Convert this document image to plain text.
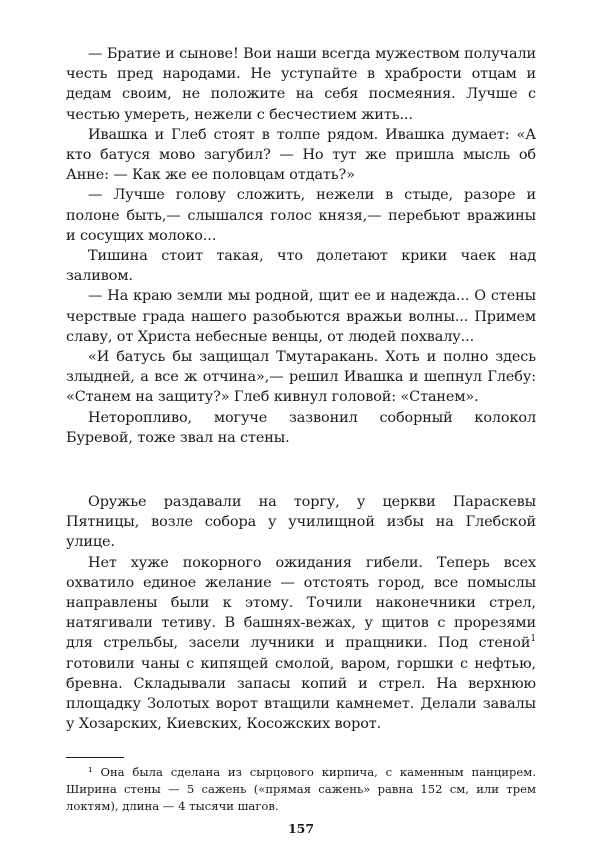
— Братие и сынове! Вои наши всегда мужеством получали честь пред народами. Не уступайте в храбрости отцам и дедам своим, не положите на себя посмеяния. Лучше с честью умереть, нежели с бесчестием жить...

Ивашка и Глеб стоят в толпе рядом. Ивашка думает: «А кто батуся мово загубил? — Но тут же пришла мысль об Анне: — Как же ее половцам отдать?»

— Лучше голову сложить, нежели в стыде, разоре и полоне быть,— слышался голос князя,— перебьют вражины и сосущих молоко...

Тишина стоит такая, что долетают крики чаек над заливом.

— На краю земли мы родной, щит ее и надежда... О стены черствые града нашего разобьются вражьи волны... Примем славу, от Христа небесные венцы, от людей похвалу...

«И батусь бы защищал Тмутаракань. Хоть и полно здесь злыдней, а все ж отчина»,— решил Ивашка и шепнул Глебу: «Станем на защиту?» Глеб кивнул головой: «Станем».

Неторопливо, могуче зазвонил соборный колокол Буревой, тоже звал на стены.

Оружье раздавали на торгу, у церкви Параскевы Пятницы, возле собора у училищной избы на Глебской улице.

Нет хуже покорного ожидания гибели. Теперь всех охватило единое желание — отстоять город, все помыслы направлены были к этому. Точили наконечники стрел, натягивали тетиву. В башнях-вежах, у щитов с прорезями для стрельбы, засели лучники и пращники. Под стеной$^1$ готовили чаны с кипящей смолой, варом, горшки с нефтью, бревна. Складывали запасы копий и стрел. На верхнюю площадку Золотых ворот втащили камнемет. Делали завалы у Хозарских, Киевских, Косожских ворот.

¹ Она была сделана из сырцового кирпича, с каменным панцирем. Ширина стены — 5 сажень («прямая сажень» равна 152 см, или трем локтям), длина — 4 тысячи шагов.

157
